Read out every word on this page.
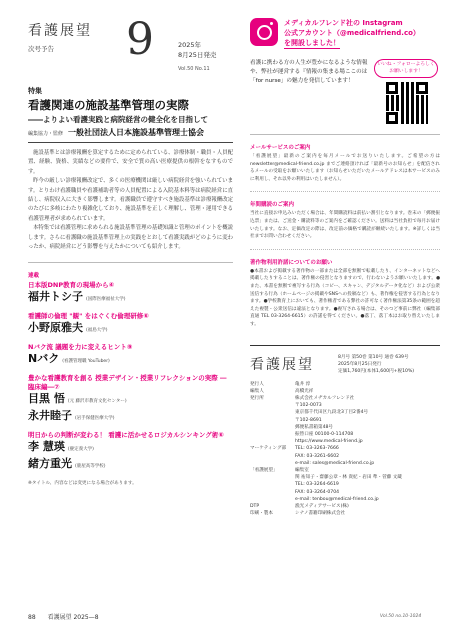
看護展望
次号予告 9	2025年
8月25日発売
Vol.50 No.11
特集
看護関連の施設基準管理の実際
――よりよい看護実践と病院経営の健全化を目指して
編集協力・監修 一般社団法人日本施設基準管理士協会

施設基準とは診療報酬を算定するために定められている、診療体制・職員・人員配置、経験、資格、実績などの要件で、安全で質の高い医療提供の根幹をなすものです。

昨今の厳しい診療報酬改定で、多くの医療機関は厳しい病院経営を強いられています。とりわけ看護職員や看護補助者等の人員配置による入院基本料等は病院経営に直結し、病院収入に大きく影響します。看護職員で遵守すべき施設基準は診療報酬改定のたびに多岐にわたり複雑化しており、施設基準を正しく理解し、管理・運用できる看護管理者が求められています。

本特集では看護管理に求められる施設基準管理の基礎知識と管理のポイントを概説します。さらに看護職の施設基準管理上の実践をとおして看護実践がどのように変わったか、病院経営にどう影響を与えたかについても紹介します。

連載
日本版DNP教育の現場から④
福井トシ子 (国際医療福祉大学)
看護師の倫理 "観" をはぐくむ倫理研修⑥
小野原雅夫 (福島大学)
Nバク流 議題を力に変えるヒント⑨
Nバク (看護管理職 YouTuber)
豊かな看護教育を創る 授業デザイン・授業リフレクションの実際 ―臨床編―⑦
目黒 悟 (元 藤沢市教育文化センター)
永井睦子 (岩手保健医療大学)
明日からの判断が変わる！ 看護に活かせるロジカルシンキング術⑥
李 慧瑛 (慶定義大学)
緒方重光 (鹿屋高等学校)
※タイトル、内容などは変更になる場合があります。
メディカルフレンド社の Instagram
公式アカウント（@medicalfriend.co）
を開設しました！
看護に携わる方の人生が豊かになるような情報や、弊社が運営する『情報の集まる場ここのは「for nurse」の魅力を発信しています！
いいね・フォローよろしくお願いします！
メールサービスのご案内
「看護展望」最新のご案内を毎月メールでお送りいたします。ご希望の方はnewsletter@medical-friend.co.jp までご連絡頂ければ「最新号のお知らせ」を配信されるメールの受取をお願いいたします（お知らせいただいたメールアドレスは本サービスのみに利用し、それ以外の利用はいたしません）。
年間購読のご案内
当社に直接お申込みいただく場合は、年間購読料は前払い割引となります。巻末の「郵便振込票」または、ご送金・購読料等のご案内をご確認ください。送料は当社負担で毎月お届けいたします。なお、定価改定の際は、改定前の価格で購読が継続いたします。※詳しくは当社までお問い合わせください。
著作物利用許諾についてのお願い
●本書および掲載する著作物の一部または全部を無断で転載したり、インターネットなどへ掲載したりすることは、著作権の侵害となりますので、行わないようお願いいたします。●また、本書を無断で複写する行為（コピー、スキャン、デジタルデータ化など）および公衆送信する行為（ホームページの掲載やSNSへの投稿など）も、著作権を侵害する行為となります。●学校教育上においても、著作権者である弊社の許可なく著作権法第35条の範囲を超えた複製・公衆送信は違法となります。●複写される場合は、そのつど事前に弊社（編集部直通 TEL 03-3264-6615）の許諾を得てください。●落丁、落丁本はお取り替えいたします。
看護展望	8月号 第50巻 第10号 通巻 639号
2025年8月25日発行
定価1,760円(本体1,600円+税10%)
発行人	亀井 淳
編集人	高橋光祥
発行所	株式会社メヂカルフレンド社
〒102-0073
東京都千代田区九段北3丁目2番4号
〒102-8691
郵便私書箱第48号
振替口座 00100-0-114708
https://www.medical-friend.jp
マーケティング部	TEL: 03-3263-7666
FAX: 03-3261-6602
e-mail: sales@medical-friend.co.jp
「看護展望」	編集室
関 祐知子・齋藤公章・林 貴紀・岩田 準・菅藤 文蔵
TEL: 03-3264-6619
FAX: 03-3264-0704
e-mail: tenbou@medical-friend.co.jp
DTP	漁光メディアサービス(株)
印刷・製本	シナノ書籍印刷株式会社
88 看護展望 2025—8	Vol.50 no.10-1024
